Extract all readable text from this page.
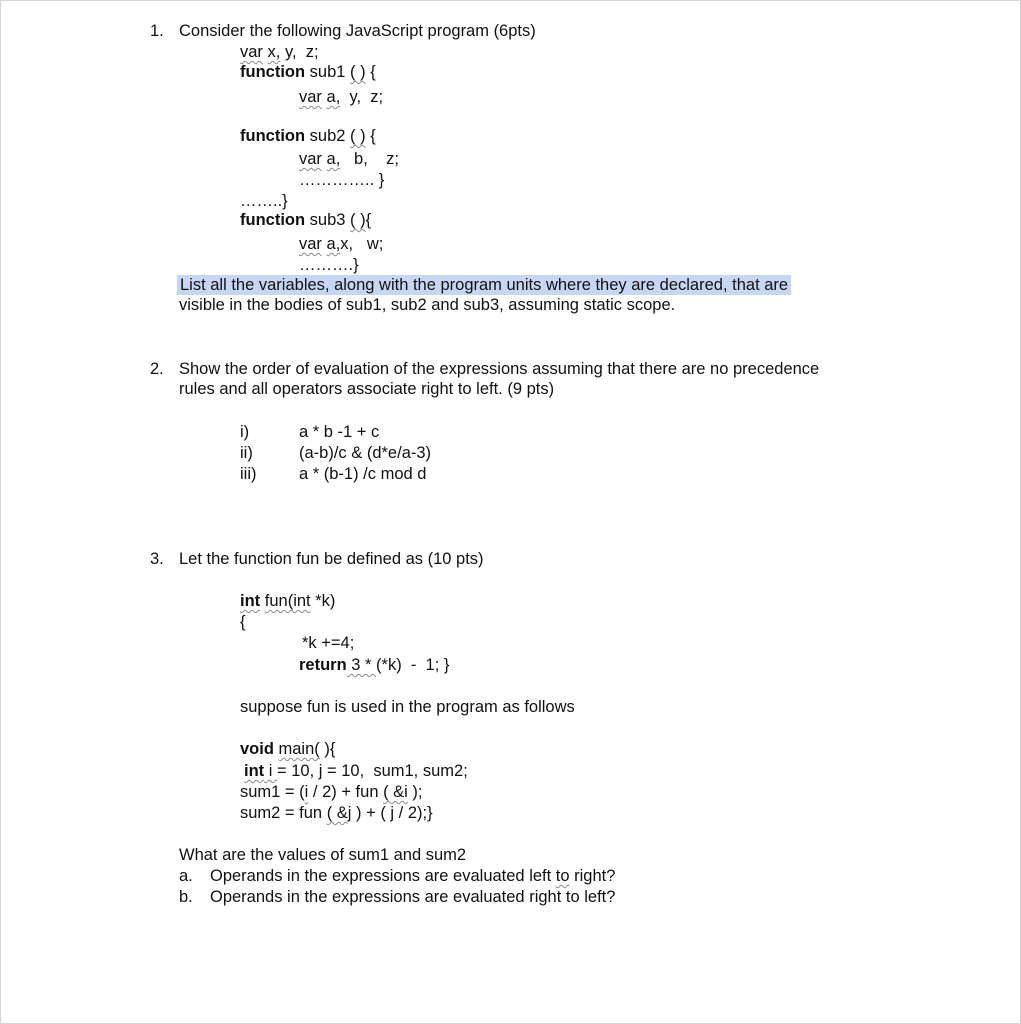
1. Consider the following JavaScript program (6pts)
var x, y,  z;
function sub1 ( ) {
var a,  y,  z;
function sub2 ( ) {
var a,   b,    z;
………….. }
……..}
function sub3 ( ){
var a,x,   w;
……….}
List all the variables, along with the program units where they are declared, that are
visible in the bodies of sub1, sub2 and sub3, assuming static scope.
2. Show the order of evaluation of the expressions assuming that there are no precedence
rules and all operators associate right to left. (9 pts)
i)	a * b -1 + c
ii)	(a-b)/c & (d*e/a-3)
iii)	a * (b-1) /c mod d
3. Let the function fun be defined as (10 pts)
int fun(int *k)
{
*k +=4;
return 3 * (*k)  -  1; }
suppose fun is used in the program as follows
void main( ){
int i = 10, j = 10,  sum1, sum2;
sum1 = (i / 2) + fun ( &i );
sum2 = fun ( &j ) + ( j / 2);}
What are the values of sum1 and sum2
a. Operands in the expressions are evaluated left to right?
b. Operands in the expressions are evaluated right to left?
